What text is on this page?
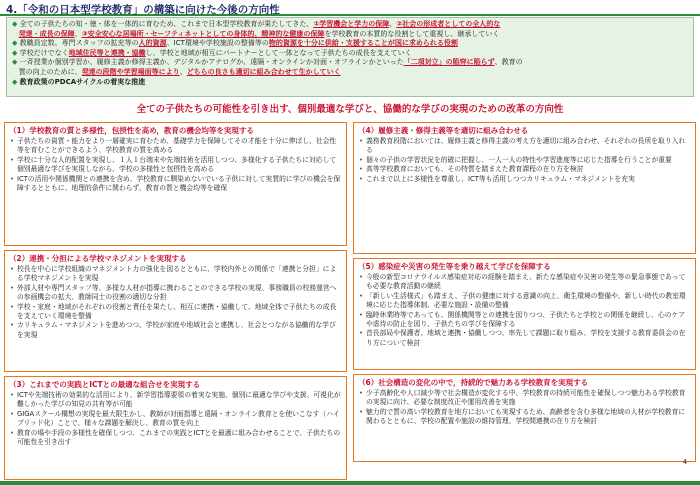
4.「令和の日本型学校教育」の構築に向けた今後の方向性
◆ 全ての子供たちの知・徳・体を一体的に育むため、これまで日本型学校教育が果たしてきた、①学習機会と学力の保障、②社会の形成者としての全人的な
発達・成長の保障、③安全安心な居場所・セーフティネットとしての身体的、精神的な健康の保障を学校教育の本質的な役割として重視し、継承していく
◆ 教職員定数、専門スタッフの拡充等の人的資源、ICT環境や学校施設の整備等の物的資源を十分に供給・支援することが国に求められる役割
◆ 学校だけでなく地域住民等と連携・協働し、学校と地域が相互にパートナーとして一体となって子供たちの成長を支えていく
◆ 一斉授業か個別学習か、履修主義か修得主義か、デジタルかアナログか、遠隔・オンラインか対面・オフラインかといった「二項対立」の陥穽に陥らず、教育の
質の向上のために、発達の段階や学習場面等により、どちらの良さも適切に組み合わせて生かしていく
◆ 教育政策のPDCAサイクルの着実な推進
全ての子供たちの可能性を引き出す、個別最適な学びと、協働的な学びの実現のための改革の方向性
（1）学校教育の質と多様性，包摂性を高め，教育の機会均等を実現する
• 子供たちの資質・能力をより一層確実に育むため、基礎学力を保障してその才能を十分に伸ばし、社会性等を育むことができるよう、学校教育の質を高める
• 学校に十分な人的配置を実現し、１人１台端末や先端技術を活用しつつ、多様化する子供たちに対応して個別最適な学びを実現しながら、学校の多様性と包摂性を高める
• ICTの活用や関係機関との連携を含め、学校教育に馴染めないでいる子供に対して実質的に学びの機会を保障するとともに、地理的条件に関わらず、教育の質と機会均等を確保
（2）連携・分担による学校マネジメントを実現する
• 校長を中心に学校組織のマネジメント力の強化を図るとともに、学校内外との関係で「連携と分担」による学校マネジメントを実現
• 外部人材や専門スタッフ等、多様な人材が指導に携わることのできる学校の実現、事務職員の校務運営への参画機会の拡大、教師同士の役割の適切な分担
• 学校・家庭・地域がそれぞれの役割と責任を果たし、相互に連携・協働して、地域全体で子供たちの成長を支えていく環境を整備
• カリキュラム・マネジメントを進めつつ、学校が家庭や地域社会と連携し、社会とつながる協働的な学びを実現
（3）これまでの実践とICTとの最適な組合せを実現する
• ICTや先端技術の効果的な活用により、新学習指導要領の着実な実施、個別に最適な学びや支援、可視化が難しかった学びの知見の共有等が可能
• GIGAスクール構想の実現を最大限生かし、教師が対面指導と遠隔・オンライン教育とを使いこなす（ハイブリッド化）ことで、様々な課題を解決し、教育の質を向上
• 教育の場や手段の多様性を確保しつつ、これまでの実践とICTとを最適に組み合わせることで、子供たちの可能性を引き出す
（4）履修主義・修得主義等を適切に組み合わせる
• 義務教育段階においては、履修主義と修得主義の考え方を適切に組み合わせ、それぞれの長所を取り入れる
• 個々の子供の学習状況を的確に把握し、一人一人の特性や学習進度等に応じた指導を行うことが重要
• 高等学校教育においても、その特質を踏まえた教育課程の在り方を検討
• これまで以上に多様性を尊重し、ICT等も活用しつつカリキュラム・マネジメントを充実
（5）感染症や災害の発生等を乗り越えて学びを保障する
• 今般の新型コロナウイルス感染症対応の経験を踏まえ、新たな感染症や災害の発生等の緊急事態であっても必要な教育活動の継続
• 「新しい生活様式」も踏まえ、子供の健康に対する意識の向上、衛生環境の整備や、新しい時代の教室環境に応じた指導体制、必要な施設・設備の整備
• 臨時休業時等であっても、関係機関等との連携を図りつつ、子供たちと学校との関係を継続し、心のケアや虐待の防止を図り、子供たちの学びを保障する
• 首長部局や保護者、地域と連携・協働しつつ、率先して課題に取り組み、学校を支援する教育委員会の在り方について検討
（6）社会構造の変化の中で，持続的で魅力ある学校教育を実現する
• 少子高齢化や人口減少等で社会構造が変化する中、学校教育の持続可能性を確保しつつ魅力ある学校教育の実現に向け、必要な制度改正や運用改善を実施
• 魅力的で質の高い学校教育を地方においても実現するため、高齢者を含む多様な地域の人材が学校教育に関わるとともに、学校の配置や施設の維持管理、学校間連携の在り方を検討
4
